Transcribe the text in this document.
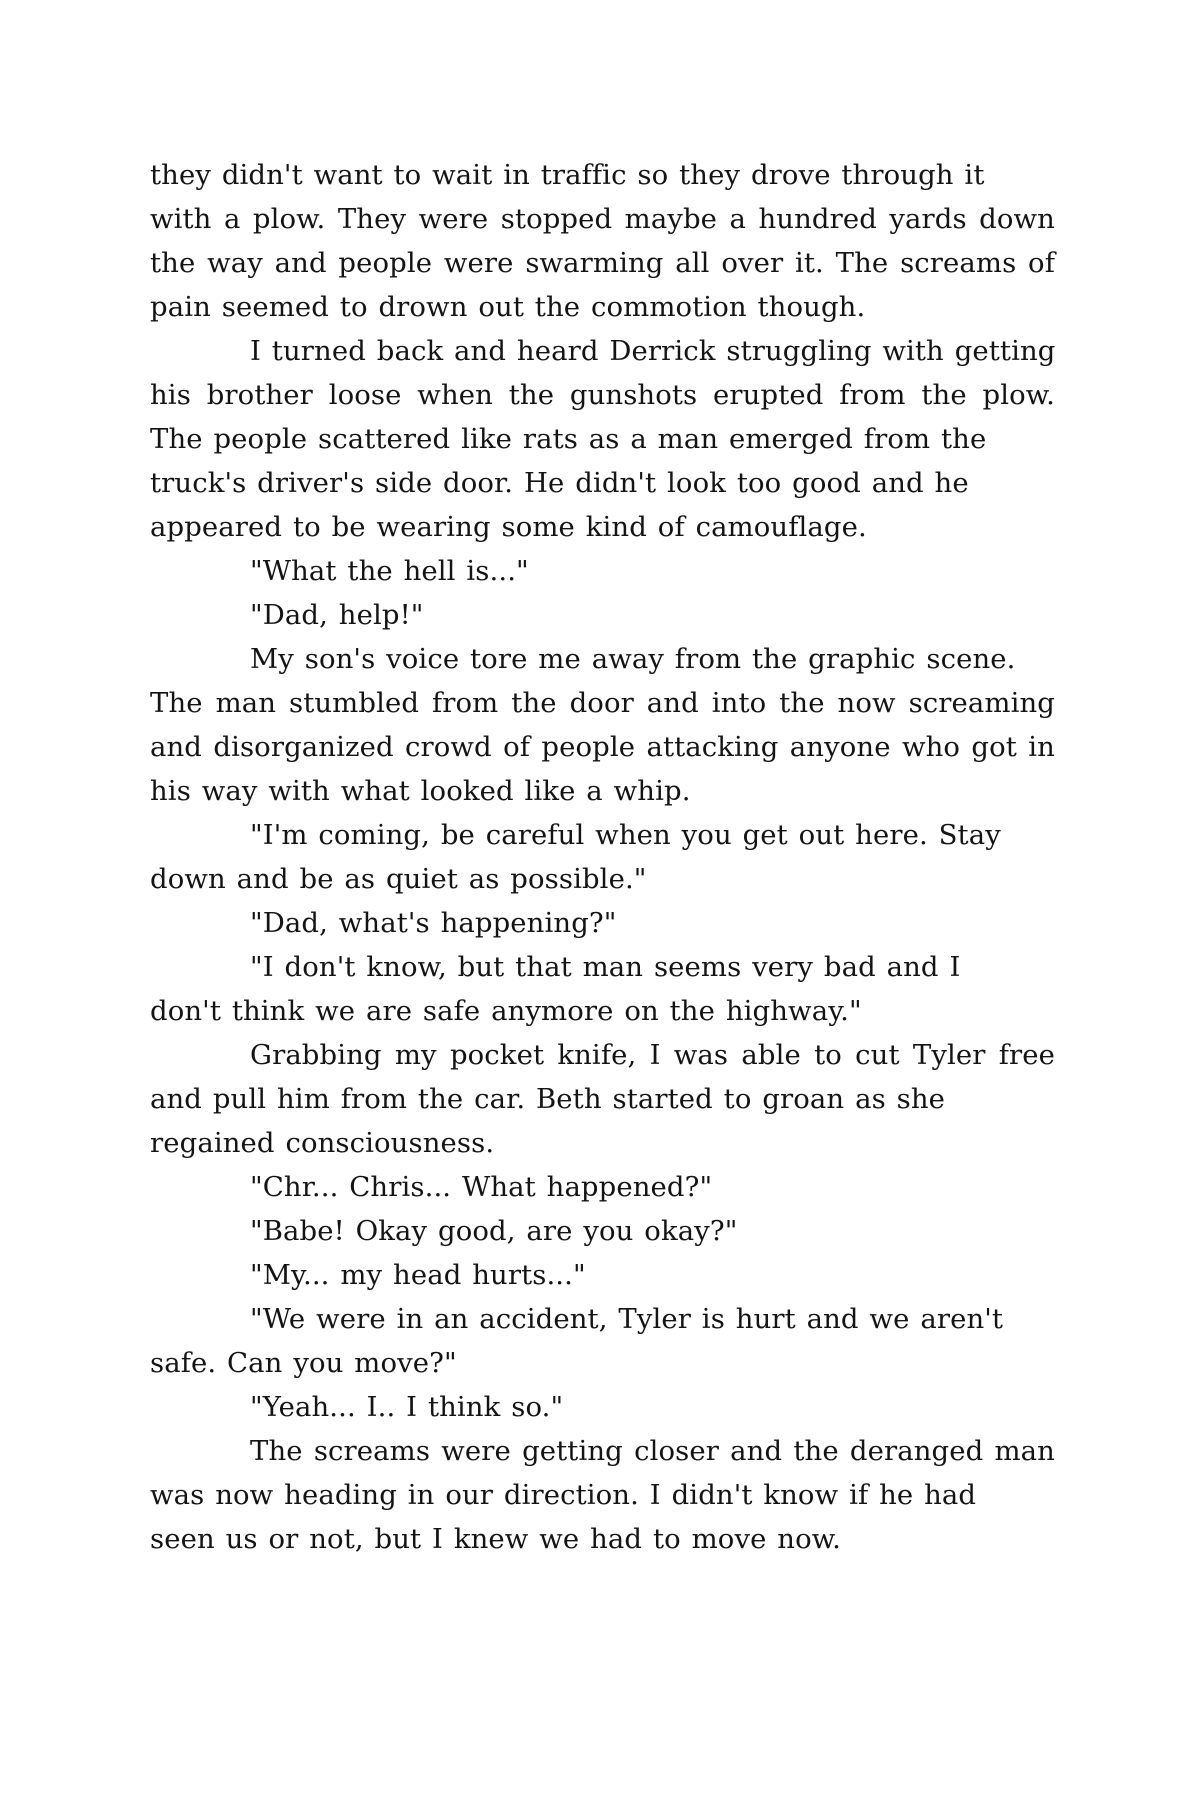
they didn't want to wait in traffic so they drove through it
with a plow. They were stopped maybe a hundred yards down
the way and people were swarming all over it. The screams of
pain seemed to drown out the commotion though.
I turned back and heard Derrick struggling with getting
his brother loose when the gunshots erupted from the plow.
The people scattered like rats as a man emerged from the
truck's driver's side door. He didn't look too good and he
appeared to be wearing some kind of camouflage.
"What the hell is..."
"Dad, help!"
My son's voice tore me away from the graphic scene.
The man stumbled from the door and into the now screaming
and disorganized crowd of people attacking anyone who got in
his way with what looked like a whip.
"I'm coming, be careful when you get out here. Stay
down and be as quiet as possible."
"Dad, what's happening?"
"I don't know, but that man seems very bad and I
don't think we are safe anymore on the highway."
Grabbing my pocket knife, I was able to cut Tyler free
and pull him from the car. Beth started to groan as she
regained consciousness.
"Chr... Chris... What happened?"
"Babe! Okay good, are you okay?"
"My... my head hurts..."
"We were in an accident, Tyler is hurt and we aren't
safe. Can you move?"
"Yeah... I.. I think so."
The screams were getting closer and the deranged man
was now heading in our direction. I didn't know if he had
seen us or not, but I knew we had to move now.
